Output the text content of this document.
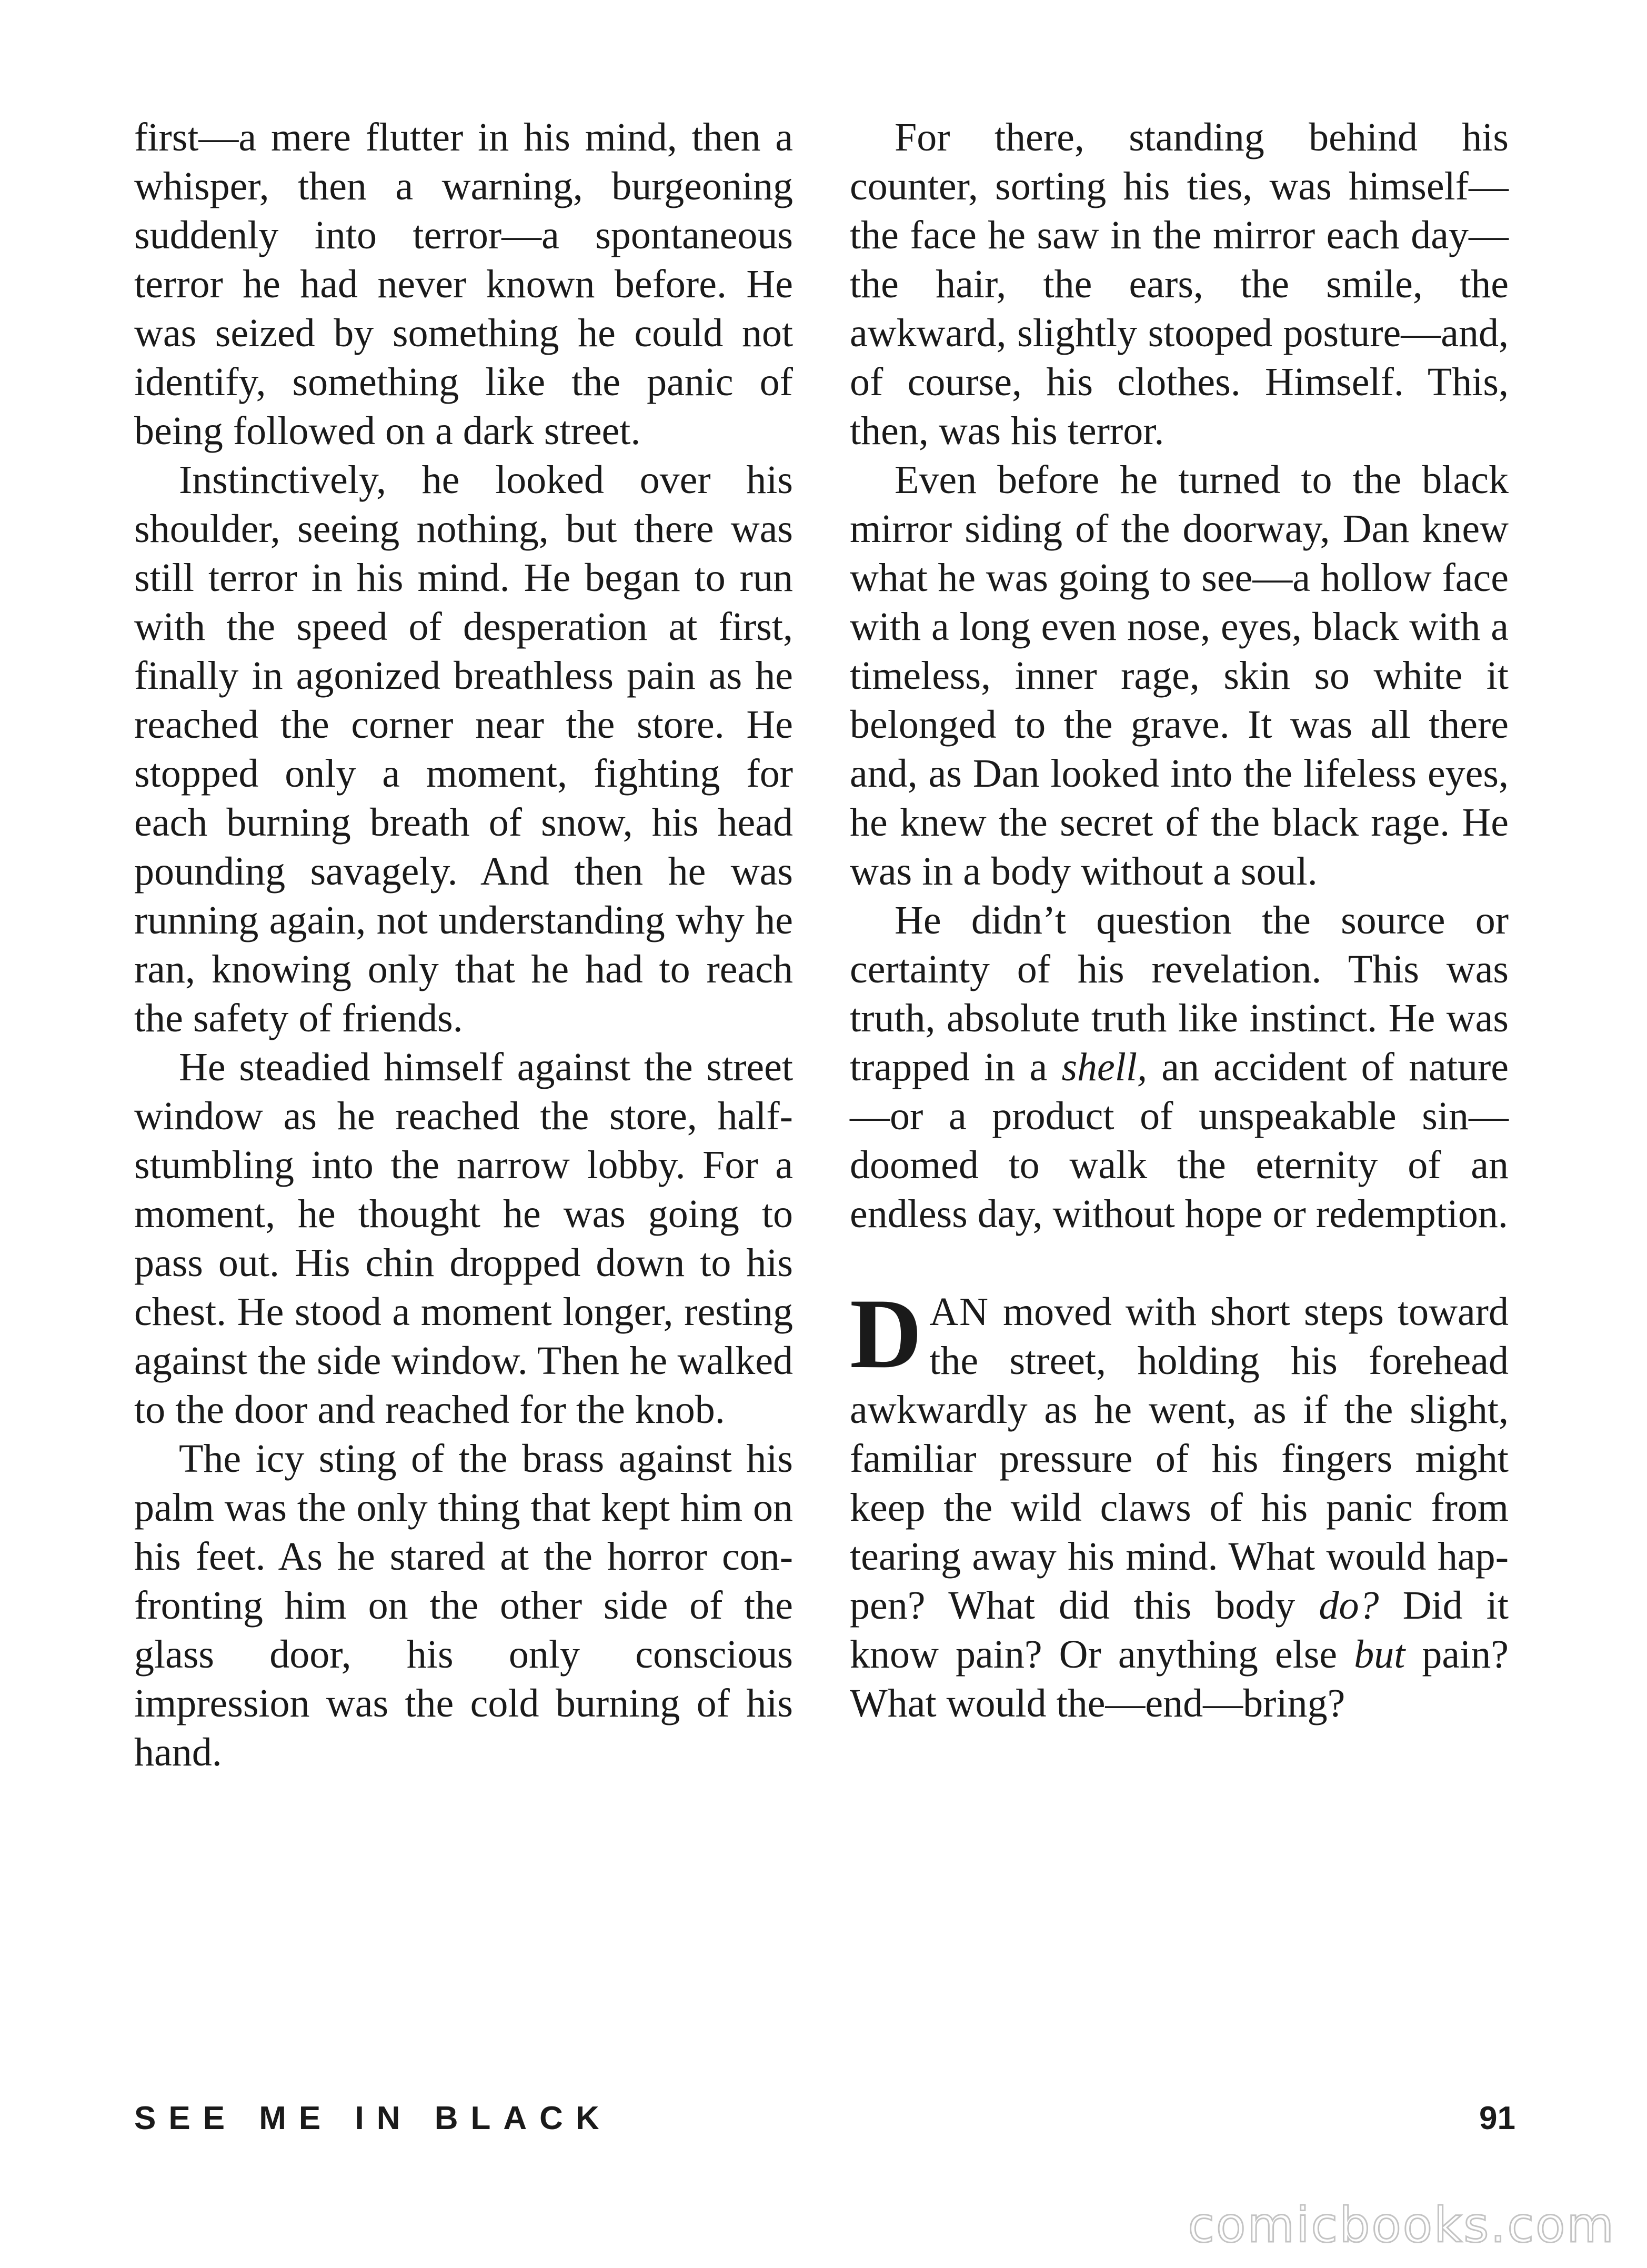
first—a mere flutter in his mind, then a whisper, then a warning, burgeoning suddenly into terror—a spontaneous terror he had never known before. He was seized by something he could not identify, something like the panic of being followed on a dark street.

Instinctively, he looked over his shoulder, seeing nothing, but there was still terror in his mind. He began to run with the speed of desperation at first, finally in agonized breathless pain as he reached the corner near the store. He stopped only a moment, fighting for each burning breath of snow, his head pounding savagely. And then he was running again, not understanding why he ran, knowing only that he had to reach the safety of friends.

He steadied himself against the street window as he reached the store, half-stumbling into the narrow lobby. For a moment, he thought he was going to pass out. His chin dropped down to his chest. He stood a moment longer, resting against the side window. Then he walked to the door and reached for the knob.

The icy sting of the brass against his palm was the only thing that kept him on his feet. As he stared at the horror confronting him on the other side of the glass door, his only conscious impression was the cold burning of his hand.

For there, standing behind his counter, sorting his ties, was himself—the face he saw in the mirror each day—the hair, the ears, the smile, the awkward, slightly stooped posture—and, of course, his clothes. Himself. This, then, was his terror.

Even before he turned to the black mirror siding of the doorway, Dan knew what he was going to see—a hollow face with a long even nose, eyes, black with a timeless, inner rage, skin so white it belonged to the grave. It was all there and, as Dan looked into the lifeless eyes, he knew the secret of the black rage. He was in a body without a soul.

He didn’t question the source or certainty of his revelation. This was truth, absolute truth like instinct. He was trapped in a shell, an accident of nature—or a product of unspeakable sin—doomed to walk the eternity of an endless day, without hope or redemption.

DAN moved with short steps toward the street, holding his forehead awkwardly as he went, as if the slight, familiar pressure of his fingers might keep the wild claws of his panic from tearing away his mind. What would happen? What did this body do? Did it know pain? Or anything else but pain? What would the—end—bring?

SEE ME IN BLACK	91
comicbooks.com
